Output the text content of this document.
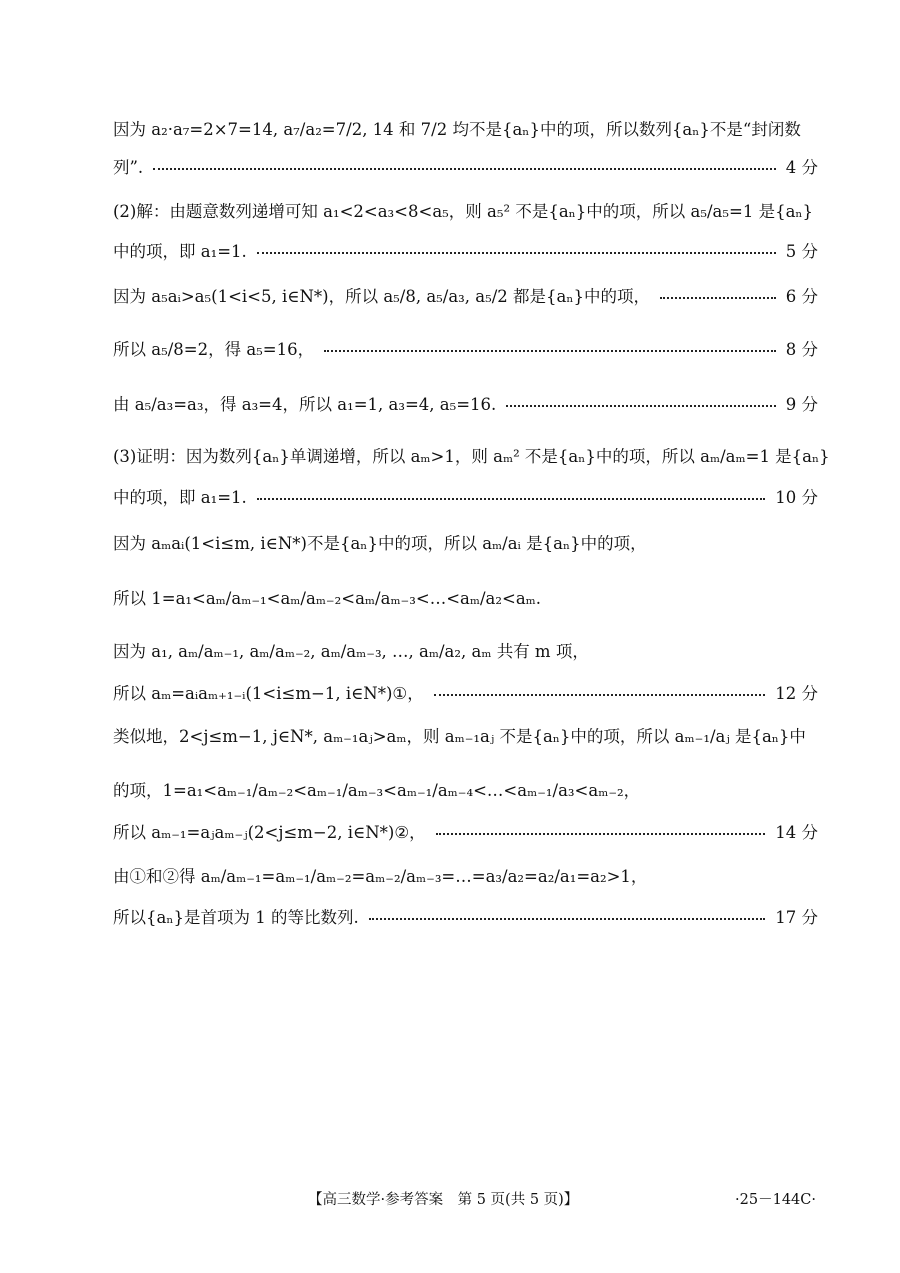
因为 a₂·a₇=2×7=14, a₇/a₂=7/2, 14 和 7/2 均不是{aₙ}中的项，所以数列{aₙ}不是“封闭数
列”.	4 分
(2)解：由题意数列递增可知 a₁<2<a₃<8<a₅，则 a₅² 不是{aₙ}中的项，所以 a₅/a₅=1 是{aₙ}
中的项，即 a₁=1.	5 分
因为 a₅aᵢ>a₅(1<i<5, i∈N*)，所以 a₅/8, a₅/a₃, a₅/2 都是{aₙ}中的项，	6 分
所以 a₅/8=2，得 a₅=16，	8 分
由 a₅/a₃=a₃，得 a₃=4，所以 a₁=1, a₃=4, a₅=16.	9 分
(3)证明：因为数列{aₙ}单调递增，所以 aₘ>1，则 aₘ² 不是{aₙ}中的项，所以 aₘ/aₘ=1 是{aₙ}
中的项，即 a₁=1.	10 分
因为 aₘaᵢ(1<i≤m, i∈N*)不是{aₙ}中的项，所以 aₘ/aᵢ 是{aₙ}中的项，
所以 1=a₁<aₘ/aₘ₋₁<aₘ/aₘ₋₂<aₘ/aₘ₋₃<…<aₘ/a₂<aₘ.
因为 a₁, aₘ/aₘ₋₁, aₘ/aₘ₋₂, aₘ/aₘ₋₃, …, aₘ/a₂, aₘ 共有 m 项，
所以 aₘ=aᵢaₘ₊₁₋ᵢ(1<i≤m−1, i∈N*)①，	12 分
类似地，2<j≤m−1, j∈N*, aₘ₋₁aⱼ>aₘ，则 aₘ₋₁aⱼ 不是{aₙ}中的项，所以 aₘ₋₁/aⱼ 是{aₙ}中
的项，1=a₁<aₘ₋₁/aₘ₋₂<aₘ₋₁/aₘ₋₃<aₘ₋₁/aₘ₋₄<…<aₘ₋₁/a₃<aₘ₋₂，
所以 aₘ₋₁=aⱼaₘ₋ⱼ(2<j≤m−2, i∈N*)②，	14 分
由①和②得 aₘ/aₘ₋₁=aₘ₋₁/aₘ₋₂=aₘ₋₂/aₘ₋₃=…=a₃/a₂=a₂/a₁=a₂>1，
所以{aₙ}是首项为 1 的等比数列.	17 分
【高三数学·参考答案　第 5 页(共 5 页)】	·25－144C·
